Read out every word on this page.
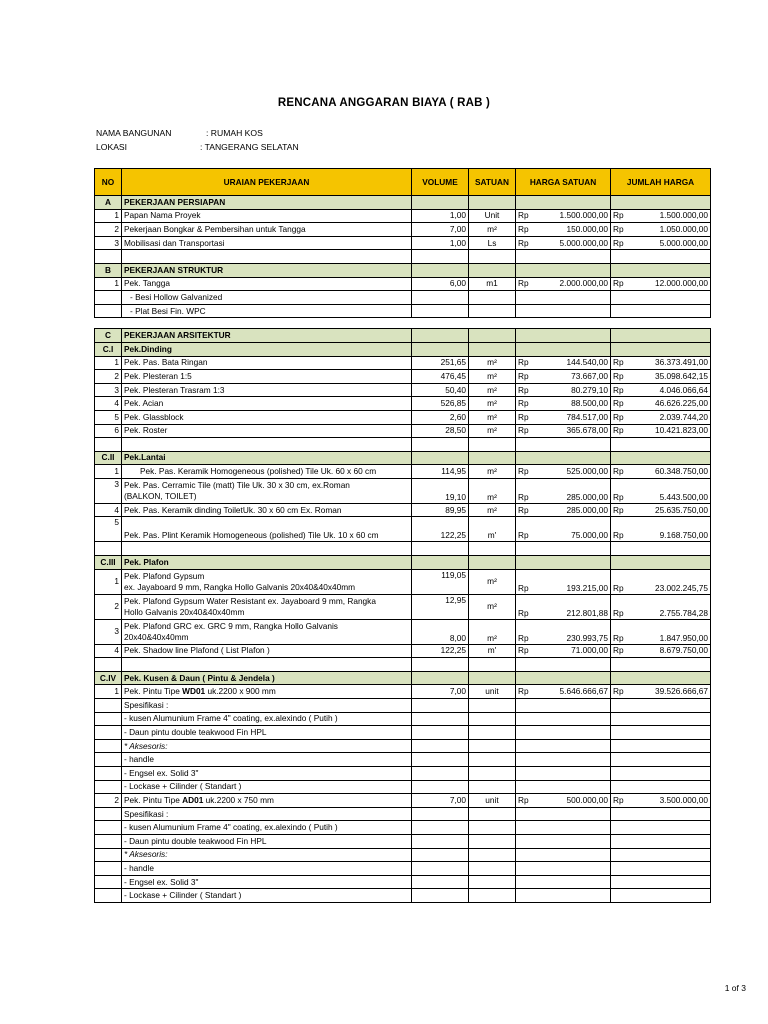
RENCANA ANGGARAN BIAYA ( RAB )
NAMA BANGUNAN	: RUMAH KOS
LOKASI	: TANGERANG SELATAN
NO	URAIAN PEKERJAAN	VOLUME	SATUAN	HARGA SATUAN		JUMLAH HARGA	
A	PEKERJAAN PERSIAPAN						
1	Papan Nama Proyek	1,00	Unit	Rp	1.500.000,00	Rp	1.500.000,00
2	Pekerjaan Bongkar & Pembersihan untuk Tangga	7,00	m²	Rp	150.000,00	Rp	1.050.000,00
3	Mobilisasi dan Transportasi	1,00	Ls	Rp	5.000.000,00	Rp	5.000.000,00

B	PEKERJAAN STRUKTUR						
1	Pek. Tangga	6,00	m1	Rp	2.000.000,00	Rp	12.000.000,00
	- Besi Hollow Galvanized						
	- Plat Besi Fin. WPC						

C	PEKERJAAN ARSITEKTUR						
C.I	Pek.Dinding						
1	Pek. Pas. Bata Ringan	251,65	m²	Rp	144.540,00	Rp	36.373.491,00
2	Pek. Plesteran 1:5	476,45	m²	Rp	73.667,00	Rp	35.098.642,15
3	Pek. Plesteran Trasram 1:3	50,40	m²	Rp	80.279,10	Rp	4.046.066,64
4	Pek. Acian	526,85	m²	Rp	88.500,00	Rp	46.626.225,00
5	Pek. Glassblock	2,60	m²	Rp	784.517,00	Rp	2.039.744,20
6	Pek. Roster	28,50	m²	Rp	365.678,00	Rp	10.421.823,00

C.II	Pek.Lantai						
1	Pek. Pas. Keramik Homogeneous (polished) Tile Uk. 60 x 60 cm	114,95	m²	Rp	525.000,00	Rp	60.348.750,00
3	Pek. Pas. Cerramic Tile (matt) Tile Uk. 30 x 30 cm, ex.Roman
(BALKON, TOILET)	19,10	m²	Rp	285.000,00	Rp	5.443.500,00
4	Pek. Pas. Keramik dinding ToiletUk. 30 x 60 cm Ex. Roman	89,95	m²	Rp	285.000,00	Rp	25.635.750,00
5	Pek. Pas. Plint Keramik Homogeneous (polished) Tile Uk. 10 x 60 cm	122,25	m'	Rp	75.000,00	Rp	9.168.750,00

C.III	Pek. Plafon						
1	Pek. Plafond Gypsum
ex. Jayaboard 9 mm, Rangka Hollo Galvanis 20x40&40x40mm	119,05	m²	Rp	193.215,00	Rp	23.002.245,75
2	Pek. Plafond Gypsum Water Resistant ex. Jayaboard 9 mm, Rangka
Hollo Galvanis 20x40&40x40mm	12,95	m²	Rp	212.801,88	Rp	2.755.784,28
3	Pek. Plafond GRC ex. GRC 9 mm, Rangka Hollo Galvanis
20x40&40x40mm	8,00	m²	Rp	230.993,75	Rp	1.847.950,00
4	Pek. Shadow line Plafond ( List Plafon )	122,25	m'	Rp	71.000,00	Rp	8.679.750,00

C.IV	Pek. Kusen & Daun ( Pintu & Jendela )						
1	Pek. Pintu Tipe WD01 uk.2200 x 900 mm	7,00	unit	Rp	5.646.666,67	Rp	39.526.666,67
	Spesifikasi :						
	- kusen Alumunium Frame 4" coating, ex.alexindo ( Putih )						
	- Daun pintu double teakwood Fin HPL						
	* Aksesoris:						
	- handle						
	- Engsel ex. Solid 3"						
	- Lockase + Cilinder ( Standart )						
2	Pek. Pintu Tipe AD01 uk.2200 x 750 mm	7,00	unit	Rp	500.000,00	Rp	3.500.000,00
	Spesifikasi :						
	- kusen Alumunium Frame 4" coating, ex.alexindo ( Putih )						
	- Daun pintu double teakwood Fin HPL						
	* Aksesoris:						
	- handle						
	- Engsel ex. Solid 3"						
	- Lockase + Cilinder ( Standart )						
1 of 3
